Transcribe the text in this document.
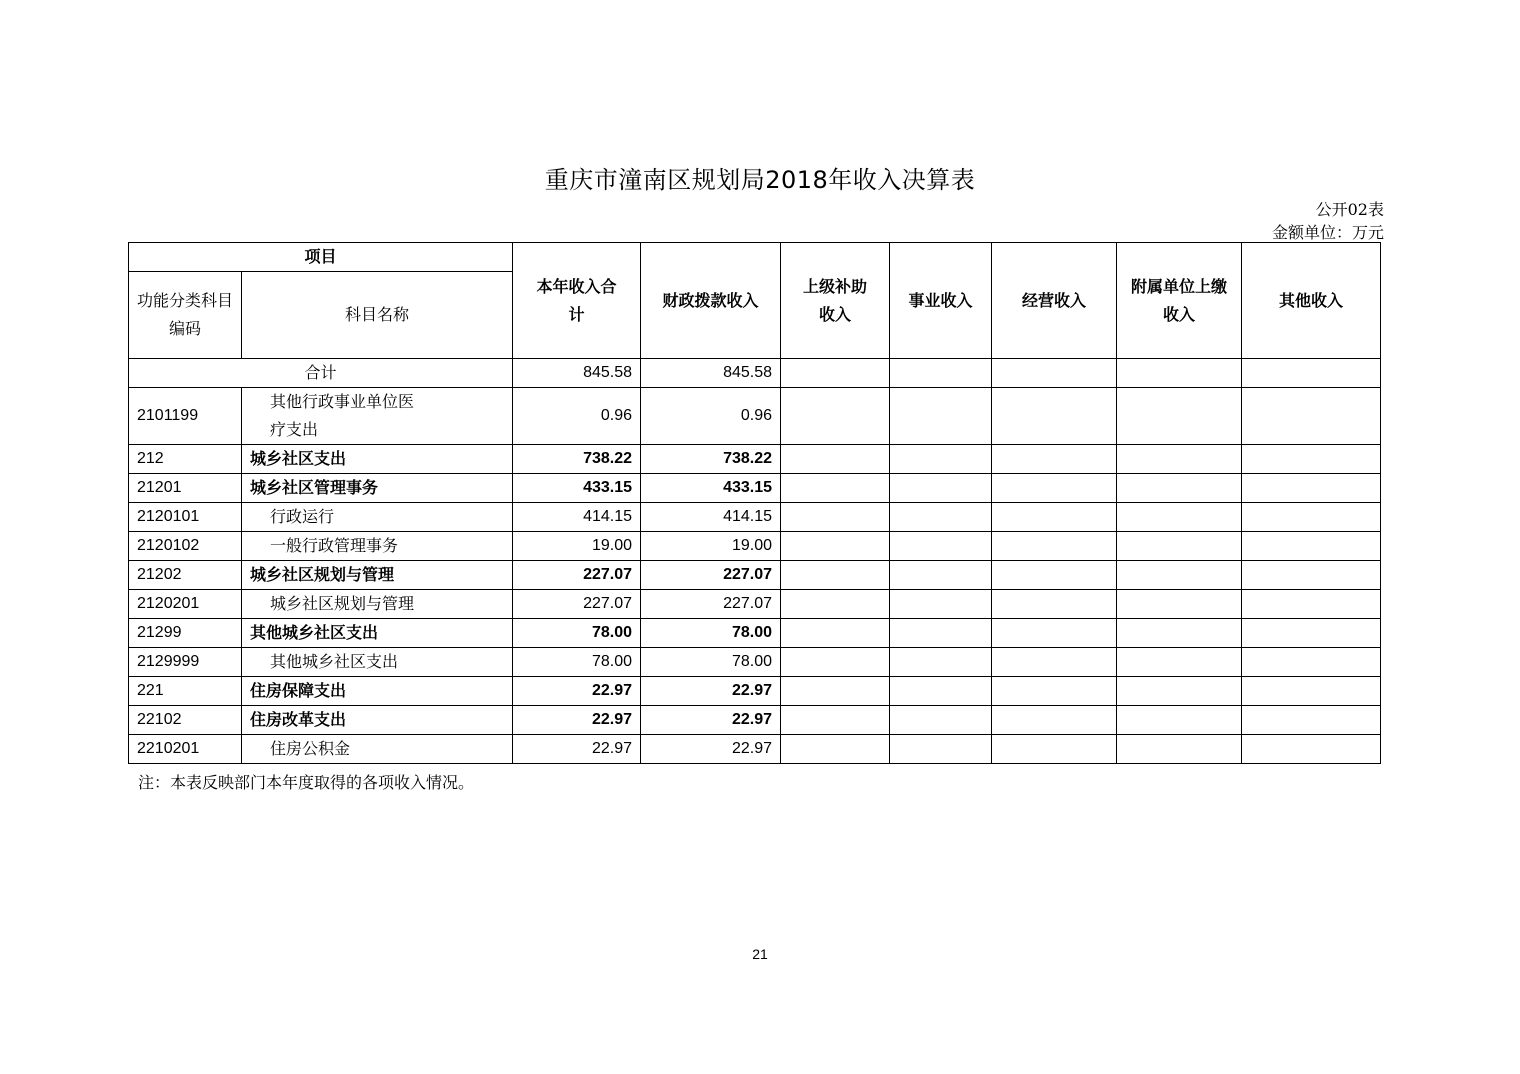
重庆市潼南区规划局2018年收入决算表
公开02表
金额单位：万元
项目		本年收入合计	财政拨款收入	上级补助收入	事业收入	经营收入	附属单位上缴收入	其他收入
功能分类科目编码	科目名称							
合计		845.58	845.58					
2101199	其他行政事业单位医疗支出	0.96	0.96					
212	城乡社区支出	738.22	738.22					
21201	城乡社区管理事务	433.15	433.15					
2120101	行政运行	414.15	414.15					
2120102	一般行政管理事务	19.00	19.00					
21202	城乡社区规划与管理	227.07	227.07					
2120201	城乡社区规划与管理	227.07	227.07					
21299	其他城乡社区支出	78.00	78.00					
2129999	其他城乡社区支出	78.00	78.00					
221	住房保障支出	22.97	22.97					
22102	住房改革支出	22.97	22.97					
2210201	住房公积金	22.97	22.97					
注：本表反映部门本年度取得的各项收入情况。
21
